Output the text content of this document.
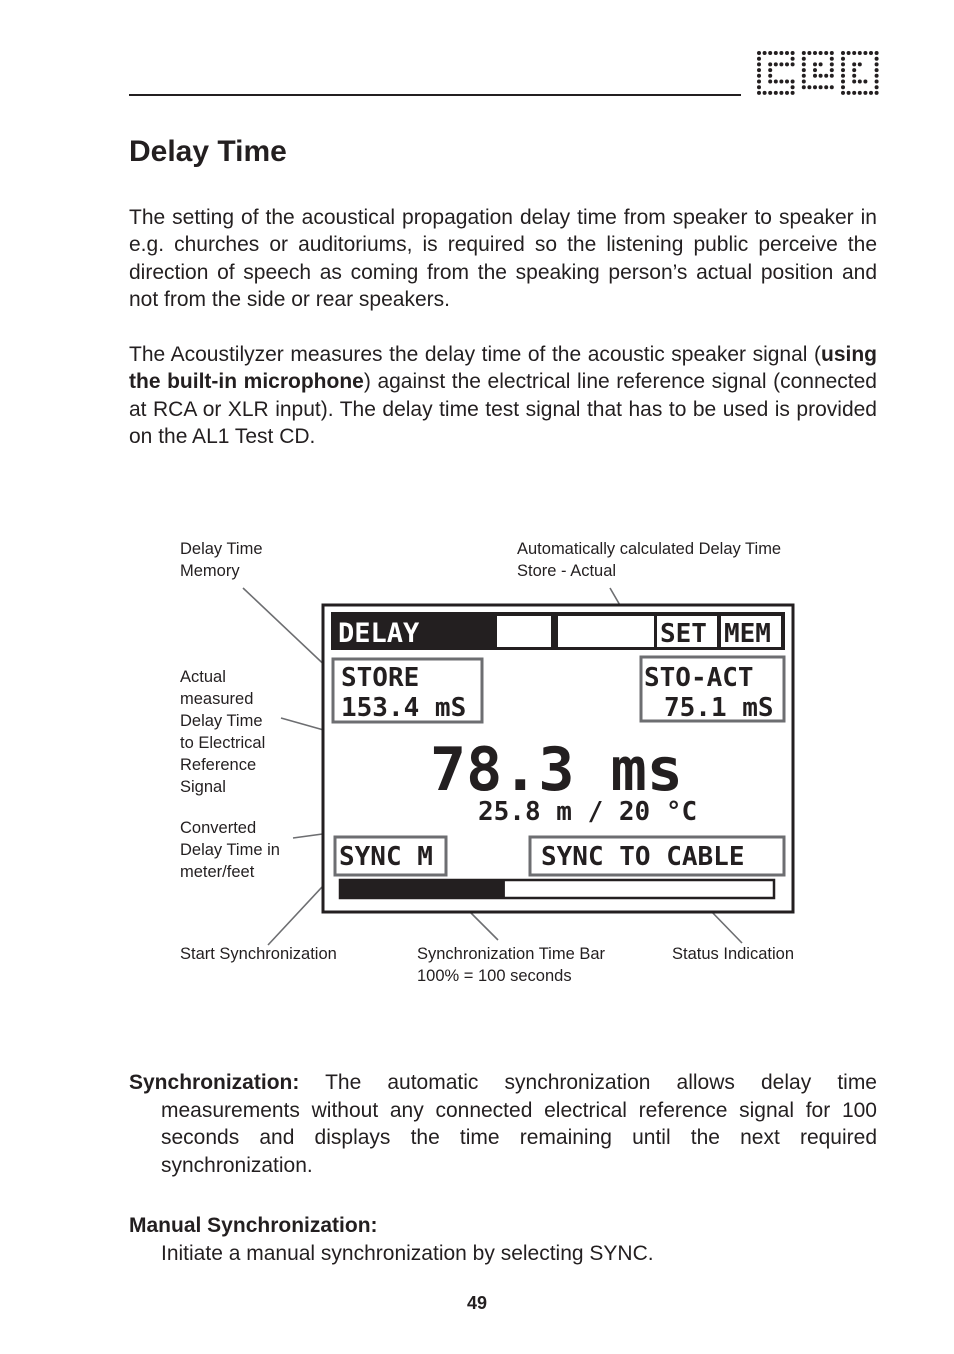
Delay Time

The setting of the acoustical propagation delay time from speaker to speaker in e.g. churches or auditoriums, is required so the listening public perceive the direction of speech as coming from the speaking person’s actual position and not from the side or rear speakers.

The Acoustilyzer measures the delay time of the acoustic speaker signal (using the built-in microphone) against the electrical line reference signal (connected at RCA or XLR input). The delay time test signal that has to be used is provided on the AL1 Test CD.

DELAY	SET MEM
STORE
153.4 mS
STO-ACT
75.1 mS
78.3 ms
25.8 m / 20 °C
SYNC M	SYNC TO CABLE
Delay Time
Memory
Automatically calculated Delay Time
Store - Actual
Actual
measured
Delay Time
to Electrical
Reference
Signal
Converted
Delay Time in
meter/feet
Start Synchronization	Synchronization Time Bar
100% = 100 seconds
Status Indication
Synchronization: The automatic synchronization allows delay time measurements without any connected electrical reference signal for 100 seconds and displays the time remaining until the next required synchronization.
Manual Synchronization:
Initiate a manual synchronization by selecting SYNC.
49
